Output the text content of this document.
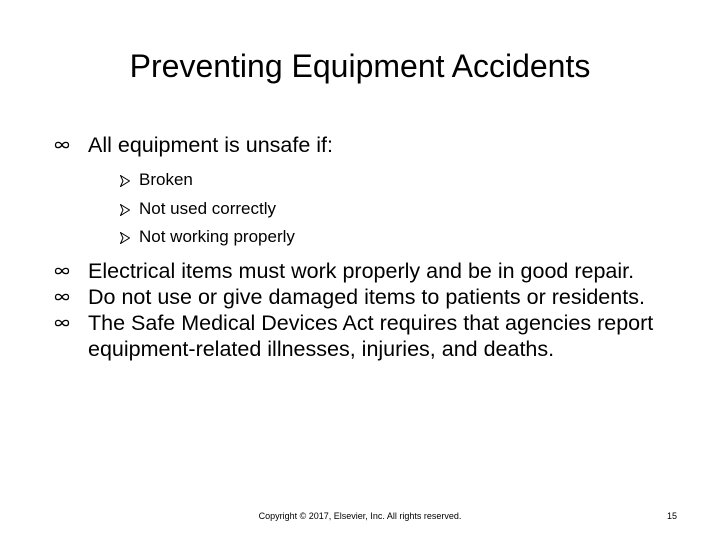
Preventing Equipment Accidents
All equipment is unsafe if:
Broken
Not used correctly
Not working properly
Electrical items must work properly and be in good repair.
Do not use or give damaged items to patients or residents.
The Safe Medical Devices Act requires that agencies report equipment-related illnesses, injuries, and deaths.
Copyright © 2017, Elsevier, Inc. All rights reserved.	15
